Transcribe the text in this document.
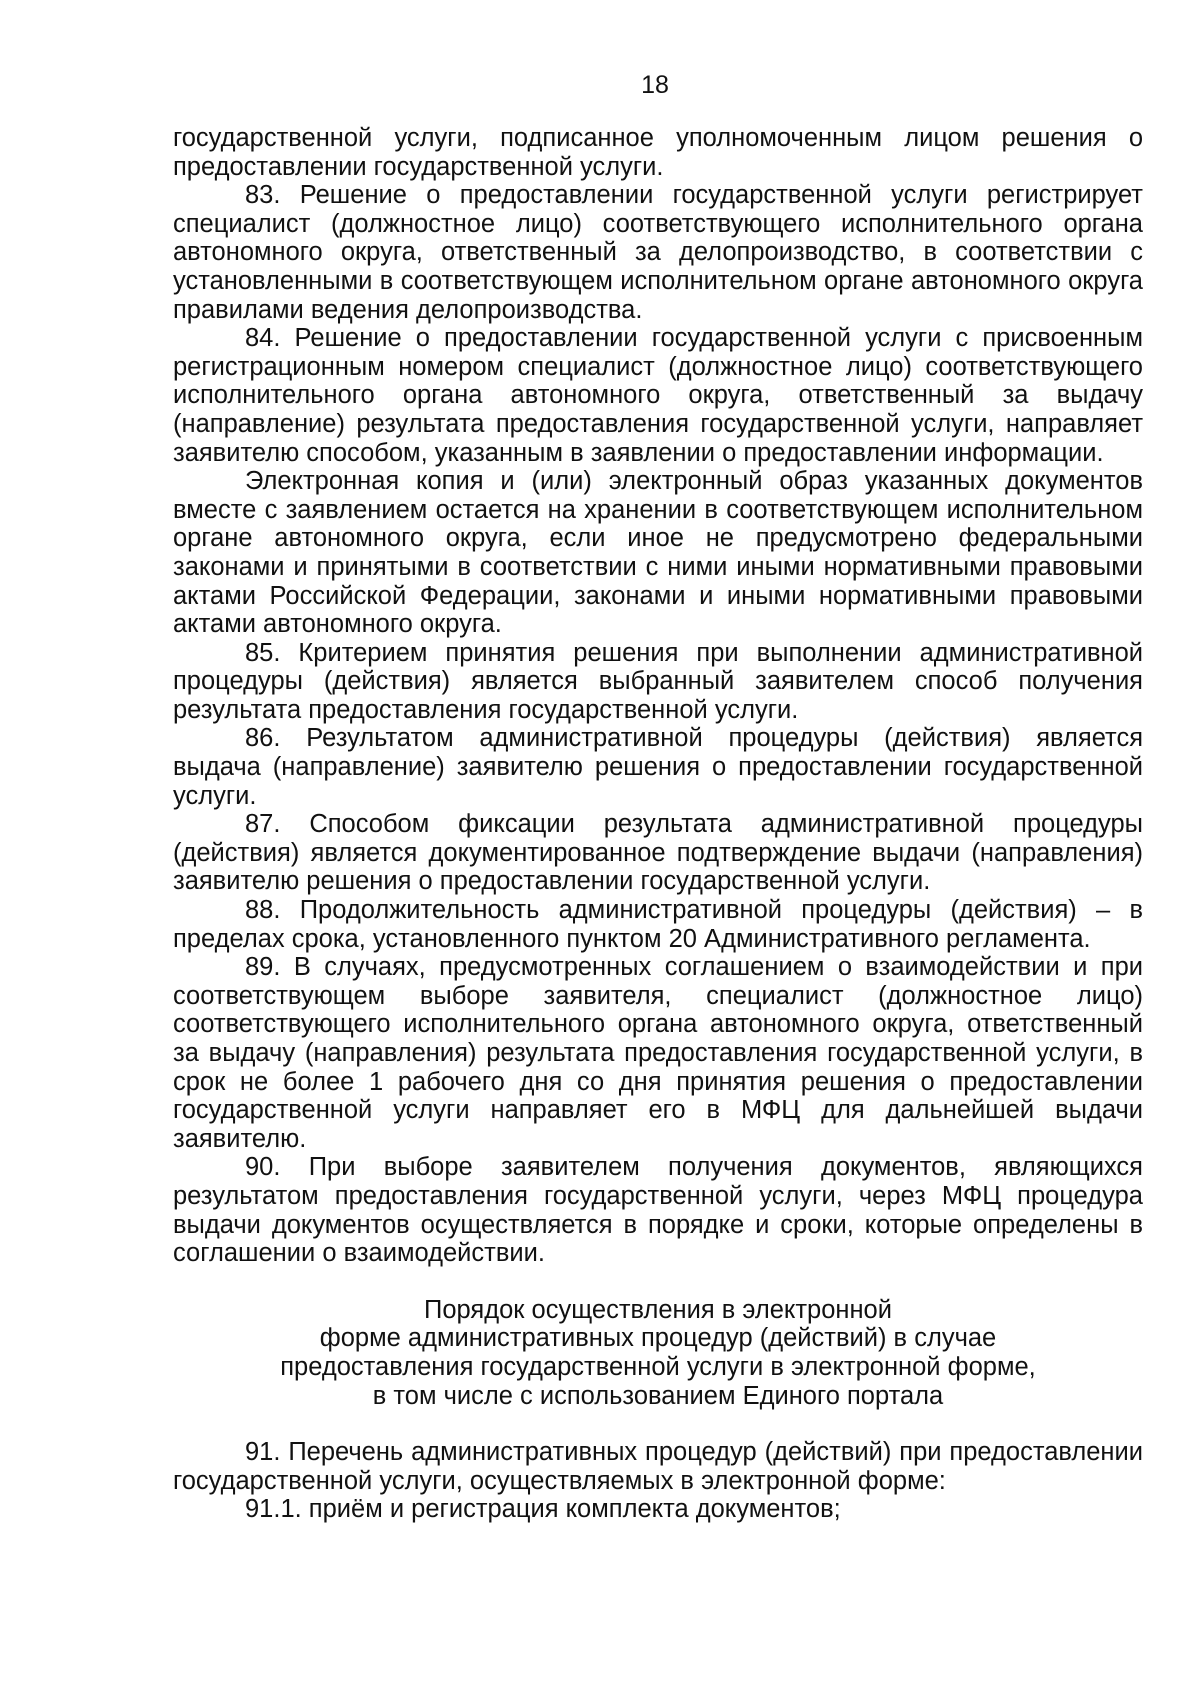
18

государственной услуги, подписанное уполномоченным лицом решения о предоставлении государственной услуги.

83. Решение о предоставлении государственной услуги регистрирует специалист (должностное лицо) соответствующего исполнительного органа автономного округа, ответственный за делопроизводство, в соответствии с установленными в соответствующем исполнительном органе автономного округа правилами ведения делопроизводства.

84. Решение о предоставлении государственной услуги с присвоенным регистрационным номером специалист (должностное лицо) соответствующего исполнительного органа автономного округа, ответственный за выдачу (направление) результата предоставления государственной услуги, направляет заявителю способом, указанным в заявлении о предоставлении информации.

Электронная копия и (или) электронный образ указанных документов вместе с заявлением остается на хранении в соответствующем исполнительном органе автономного округа, если иное не предусмотрено федеральными законами и принятыми в соответствии с ними иными нормативными правовыми актами Российской Федерации, законами и иными нормативными правовыми актами автономного округа.

85. Критерием принятия решения при выполнении административной процедуры (действия) является выбранный заявителем способ получения результата предоставления государственной услуги.

86. Результатом административной процедуры (действия) является выдача (направление) заявителю решения о предоставлении государственной услуги.

87. Способом фиксации результата административной процедуры (действия) является документированное подтверждение выдачи (направления) заявителю решения о предоставлении государственной услуги.

88. Продолжительность административной процедуры (действия) – в пределах срока, установленного пунктом 20 Административного регламента.

89. В случаях, предусмотренных соглашением о взаимодействии и при соответствующем выборе заявителя, специалист (должностное лицо) соответствующего исполнительного органа автономного округа, ответственный за выдачу (направления) результата предоставления государственной услуги, в срок не более 1 рабочего дня со дня принятия решения о предоставлении государственной услуги направляет его в МФЦ для дальнейшей выдачи заявителю.

90. При выборе заявителем получения документов, являющихся результатом предоставления государственной услуги, через МФЦ процедура выдачи документов осуществляется в порядке и сроки, которые определены в соглашении о взаимодействии.

Порядок осуществления в электронной
форме административных процедур (действий) в случае
предоставления государственной услуги в электронной форме,
в том числе с использованием Единого портала

91. Перечень административных процедур (действий) при предоставлении государственной услуги, осуществляемых в электронной форме:

91.1. приём и регистрация комплекта документов;
